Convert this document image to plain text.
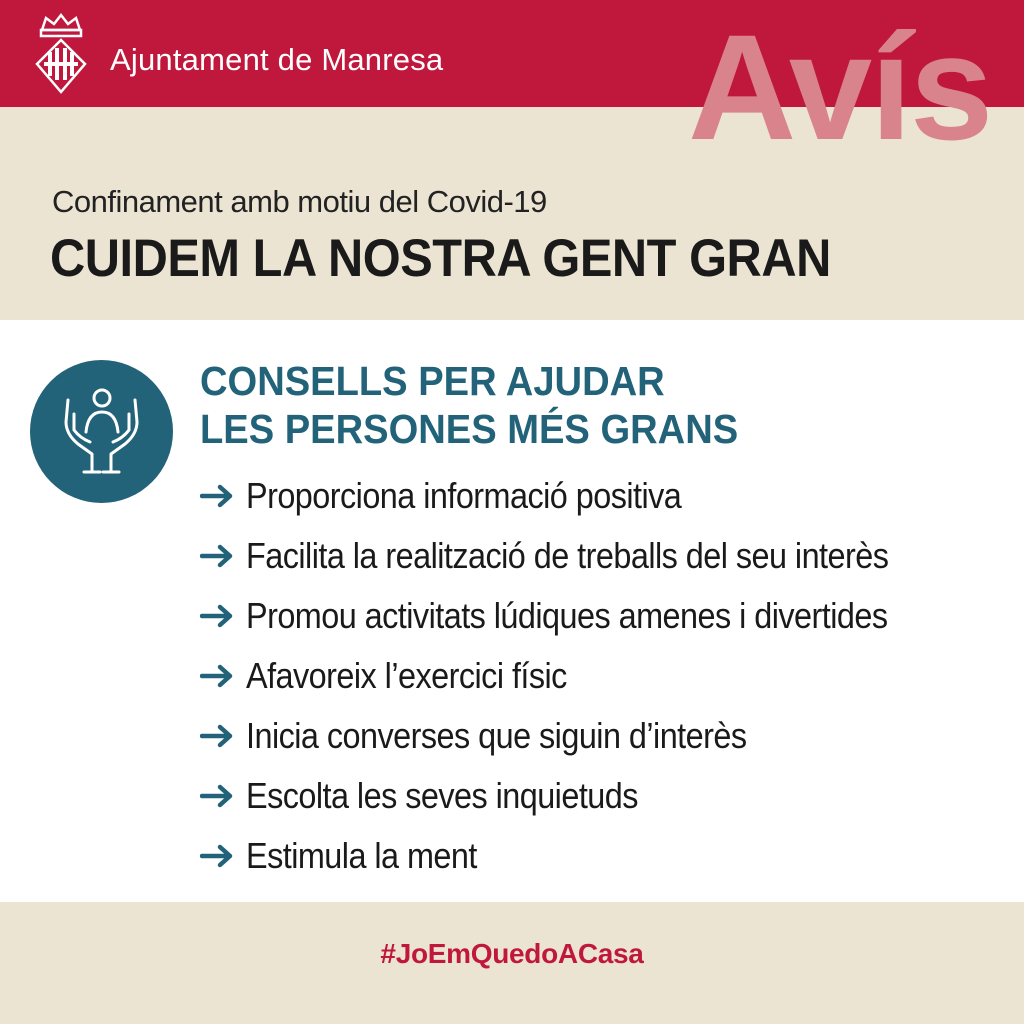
Ajuntament de Manresa Avís
Confinament amb motiu del Covid-19
CUIDEM LA NOSTRA GENT GRAN
CONSELLS PER AJUDAR
LES PERSONES MÉS GRANS
Proporciona informació positiva
Facilita la realització de treballs del seu interès
Promou activitats lúdiques amenes i divertides
Afavoreix l’exercici físic
Inicia converses que siguin d’interès
Escolta les seves inquietuds
Estimula la ment
#JoEmQuedoACasa
